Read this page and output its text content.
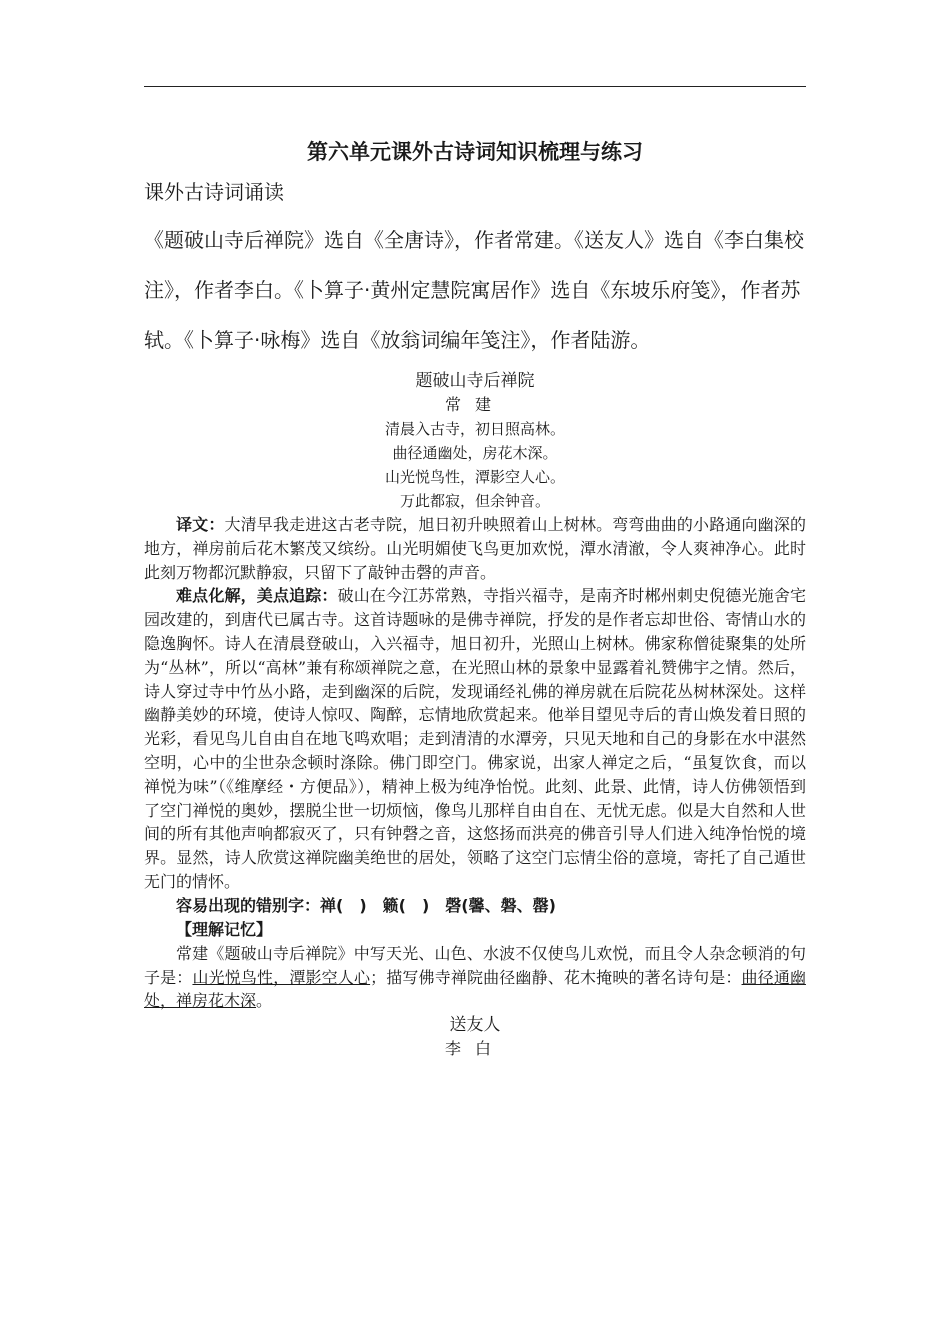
第六单元课外古诗词知识梳理与练习
课外古诗词诵读

《题破山寺后禅院》选自《全唐诗》，作者常建。《送友人》选自《李白集校注》，作者李白。《卜算子·黄州定慧院寓居作》选自《东坡乐府笺》，作者苏轼。《卜算子·咏梅》选自《放翁词编年笺注》，作者陆游。

题破山寺后禅院
常建
清晨入古寺，初日照高林。
曲径通幽处，房花木深。
山光悦鸟性，潭影空人心。
万此都寂，但余钟音。

译文：大清早我走进这古老寺院，旭日初升映照着山上树林。弯弯曲曲的小路通向幽深的地方，禅房前后花木繁茂又缤纷。山光明媚使飞鸟更加欢悦，潭水清澈，令人爽神净心。此时此刻万物都沉默静寂，只留下了敲钟击磬的声音。

难点化解，美点追踪：破山在今江苏常熟，寺指兴福寺，是南齐时郴州刺史倪德光施舍宅园改建的，到唐代已属古寺。这首诗题咏的是佛寺禅院，抒发的是作者忘却世俗、寄情山水的隐逸胸怀。诗人在清晨登破山，入兴福寺，旭日初升，光照山上树林。佛家称僧徒聚集的处所为“丛林”，所以“高林”兼有称颂禅院之意，在光照山林的景象中显露着礼赞佛宇之情。然后，诗人穿过寺中竹丛小路，走到幽深的后院，发现诵经礼佛的禅房就在后院花丛树林深处。这样幽静美妙的环境，使诗人惊叹、陶醉，忘情地欣赏起来。他举目望见寺后的青山焕发着日照的光彩，看见鸟儿自由自在地飞鸣欢唱；走到清清的水潭旁，只见天地和自己的身影在水中湛然空明，心中的尘世杂念顿时涤除。佛门即空门。佛家说，出家人禅定之后，“虽复饮食，而以禅悦为味”（《维摩经・方便品》），精神上极为纯净怡悦。此刻、此景、此情，诗人仿佛领悟到了空门禅悦的奥妙，摆脱尘世一切烦恼，像鸟儿那样自由自在、无忧无虑。似是大自然和人世间的所有其他声响都寂灭了，只有钟磬之音，这悠扬而洪亮的佛音引导人们进入纯净怡悦的境界。显然，诗人欣赏这禅院幽美绝世的居处，领略了这空门忘情尘俗的意境，寄托了自己遁世无门的情怀。

容易出现的错别字：禅(　)　籁(　)　磬(馨、磐、罄)

【理解记忆】

常建《题破山寺后禅院》中写天光、山色、水波不仅使鸟儿欢悦，而且令人杂念顿消的句子是：山光悦鸟性，潭影空人心；描写佛寺禅院曲径幽静、花木掩映的著名诗句是：曲径通幽处，禅房花木深。

送友人
李白
